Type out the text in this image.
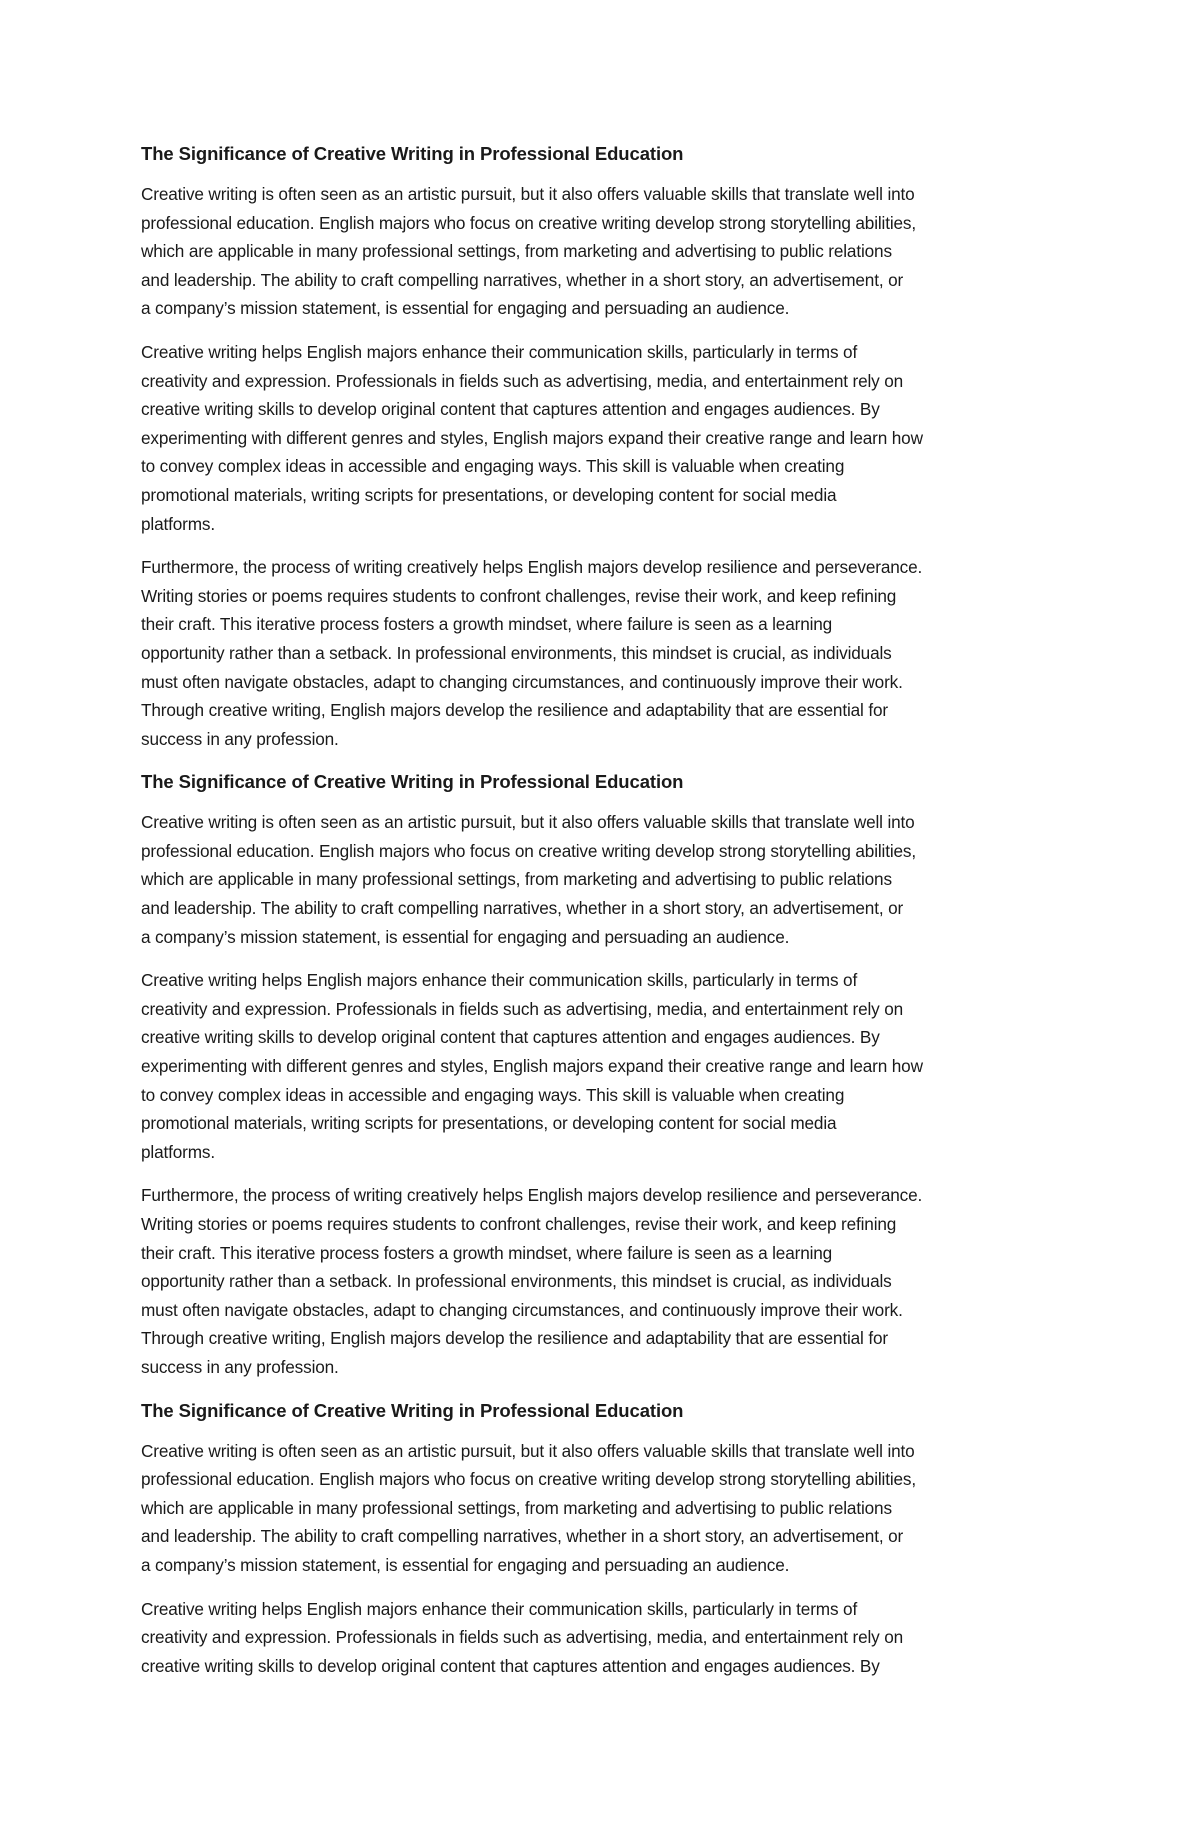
The Significance of Creative Writing in Professional Education
Creative writing is often seen as an artistic pursuit, but it also offers valuable skills that translate well into
professional education. English majors who focus on creative writing develop strong storytelling abilities,
which are applicable in many professional settings, from marketing and advertising to public relations
and leadership. The ability to craft compelling narratives, whether in a short story, an advertisement, or
a company’s mission statement, is essential for engaging and persuading an audience.
Creative writing helps English majors enhance their communication skills, particularly in terms of
creativity and expression. Professionals in fields such as advertising, media, and entertainment rely on
creative writing skills to develop original content that captures attention and engages audiences. By
experimenting with different genres and styles, English majors expand their creative range and learn how
to convey complex ideas in accessible and engaging ways. This skill is valuable when creating
promotional materials, writing scripts for presentations, or developing content for social media
platforms.
Furthermore, the process of writing creatively helps English majors develop resilience and perseverance.
Writing stories or poems requires students to confront challenges, revise their work, and keep refining
their craft. This iterative process fosters a growth mindset, where failure is seen as a learning
opportunity rather than a setback. In professional environments, this mindset is crucial, as individuals
must often navigate obstacles, adapt to changing circumstances, and continuously improve their work.
Through creative writing, English majors develop the resilience and adaptability that are essential for
success in any profession.
The Significance of Creative Writing in Professional Education
Creative writing is often seen as an artistic pursuit, but it also offers valuable skills that translate well into
professional education. English majors who focus on creative writing develop strong storytelling abilities,
which are applicable in many professional settings, from marketing and advertising to public relations
and leadership. The ability to craft compelling narratives, whether in a short story, an advertisement, or
a company’s mission statement, is essential for engaging and persuading an audience.
Creative writing helps English majors enhance their communication skills, particularly in terms of
creativity and expression. Professionals in fields such as advertising, media, and entertainment rely on
creative writing skills to develop original content that captures attention and engages audiences. By
experimenting with different genres and styles, English majors expand their creative range and learn how
to convey complex ideas in accessible and engaging ways. This skill is valuable when creating
promotional materials, writing scripts for presentations, or developing content for social media
platforms.
Furthermore, the process of writing creatively helps English majors develop resilience and perseverance.
Writing stories or poems requires students to confront challenges, revise their work, and keep refining
their craft. This iterative process fosters a growth mindset, where failure is seen as a learning
opportunity rather than a setback. In professional environments, this mindset is crucial, as individuals
must often navigate obstacles, adapt to changing circumstances, and continuously improve their work.
Through creative writing, English majors develop the resilience and adaptability that are essential for
success in any profession.
The Significance of Creative Writing in Professional Education
Creative writing is often seen as an artistic pursuit, but it also offers valuable skills that translate well into
professional education. English majors who focus on creative writing develop strong storytelling abilities,
which are applicable in many professional settings, from marketing and advertising to public relations
and leadership. The ability to craft compelling narratives, whether in a short story, an advertisement, or
a company’s mission statement, is essential for engaging and persuading an audience.
Creative writing helps English majors enhance their communication skills, particularly in terms of
creativity and expression. Professionals in fields such as advertising, media, and entertainment rely on
creative writing skills to develop original content that captures attention and engages audiences. By
